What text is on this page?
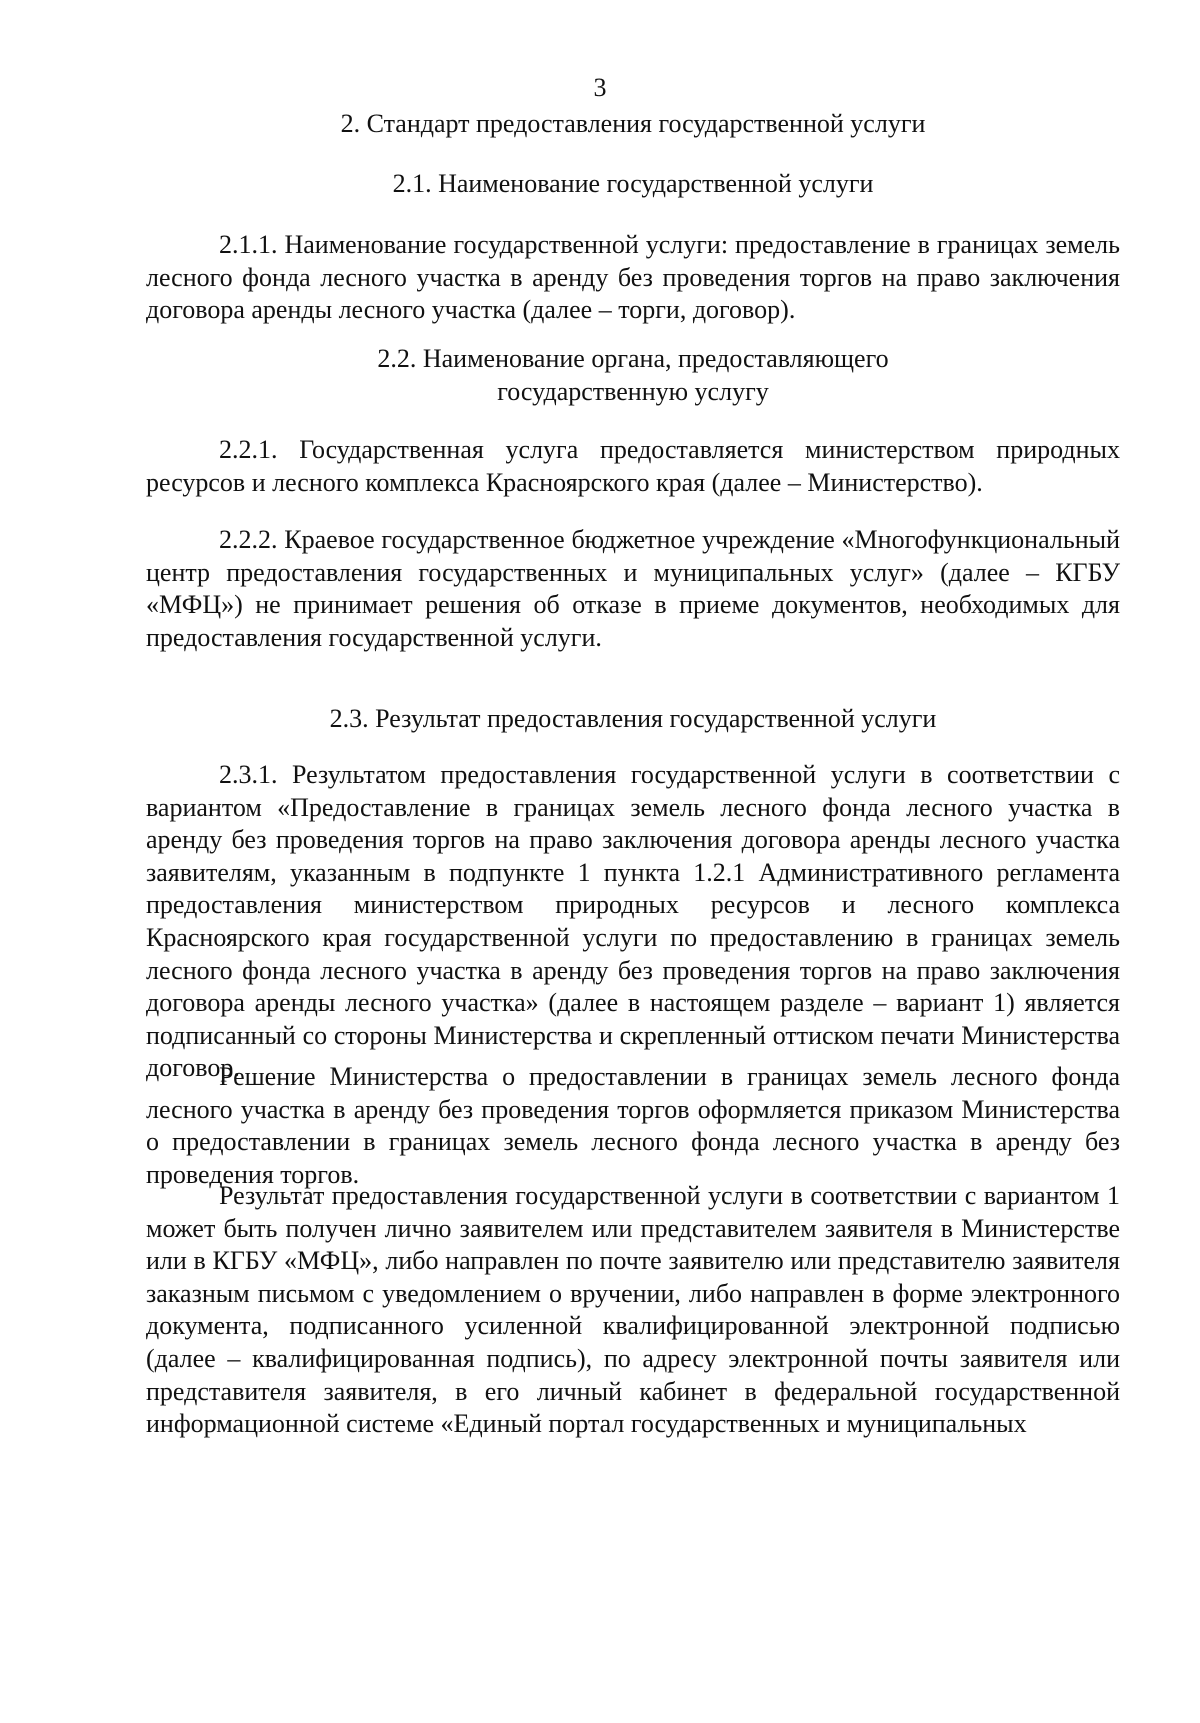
3
2. Стандарт предоставления государственной услуги
2.1. Наименование государственной услуги

2.1.1. Наименование государственной услуги: предоставление в границах земель лесного фонда лесного участка в аренду без проведения торгов на право заключения договора аренды лесного участка (далее – торги, договор).

2.2. Наименование органа, предоставляющего
государственную услугу

2.2.1. Государственная услуга предоставляется министерством природных ресурсов и лесного комплекса Красноярского края (далее – Министерство).

2.2.2. Краевое государственное бюджетное учреждение «Многофункциональный центр предоставления государственных и муниципальных услуг» (далее – КГБУ «МФЦ») не принимает решения об отказе в приеме документов, необходимых для предоставления государственной услуги.

2.3. Результат предоставления государственной услуги

2.3.1. Результатом предоставления государственной услуги в соответствии с вариантом «Предоставление в границах земель лесного фонда лесного участка в аренду без проведения торгов на право заключения договора аренды лесного участка заявителям, указанным в подпункте 1 пункта 1.2.1 Административного регламента предоставления министерством природных ресурсов и лесного комплекса Красноярского края государственной услуги по предоставлению в границах земель лесного фонда лесного участка в аренду без проведения торгов на право заключения договора аренды лесного участка» (далее в настоящем разделе – вариант 1) является подписанный со стороны Министерства и скрепленный оттиском печати Министерства договор.

Решение Министерства о предоставлении в границах земель лесного фонда лесного участка в аренду без проведения торгов оформляется приказом Министерства о предоставлении в границах земель лесного фонда лесного участка в аренду без проведения торгов.

Результат предоставления государственной услуги в соответствии с вариантом 1 может быть получен лично заявителем или представителем заявителя в Министерстве или в КГБУ «МФЦ», либо направлен по почте заявителю или представителю заявителя заказным письмом с уведомлением о вручении, либо направлен в форме электронного документа, подписанного усиленной квалифицированной электронной подписью (далее – квалифицированная подпись), по адресу электронной почты заявителя или представителя заявителя, в его личный кабинет в федеральной государственной информационной системе «Единый портал государственных и муниципальных
